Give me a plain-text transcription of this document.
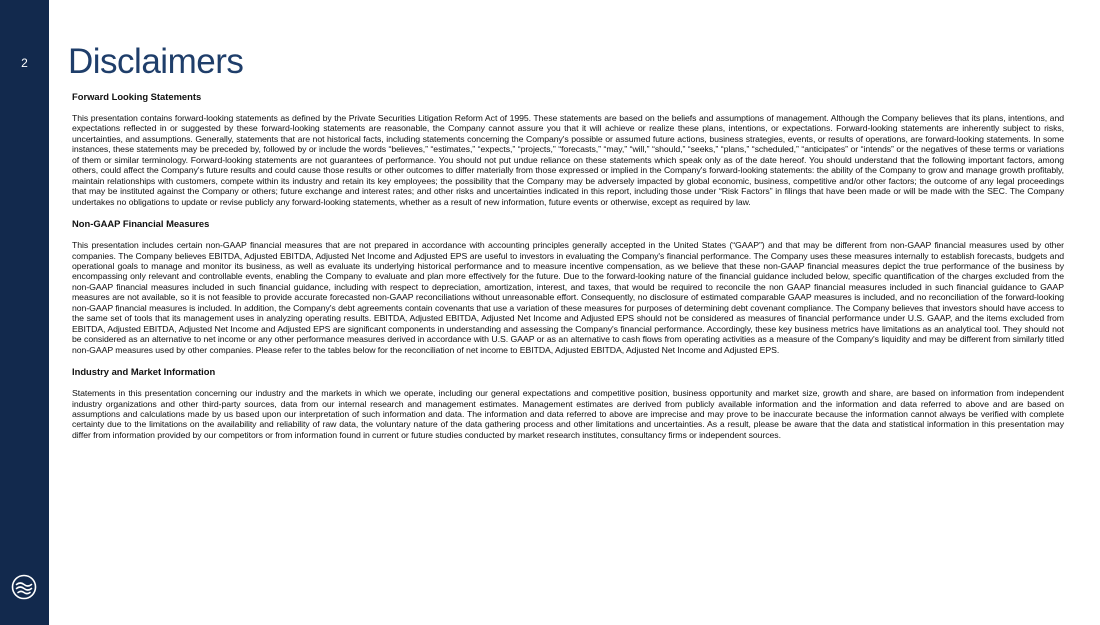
2	Disclaimers
Forward Looking Statements

This presentation contains forward-looking statements as defined by the Private Securities Litigation Reform Act of 1995. These statements are based on the beliefs and assumptions of management. Although the Company believes that its plans, intentions, and expectations reflected in or suggested by these forward-looking statements are reasonable, the Company cannot assure you that it will achieve or realize these plans, intentions, or expectations. Forward-looking statements are inherently subject to risks, uncertainties, and assumptions. Generally, statements that are not historical facts, including statements concerning the Company's possible or assumed future actions, business strategies, events, or results of operations, are forward-looking statements. In some instances, these statements may be preceded by, followed by or include the words “believes,” “estimates,” “expects,” “projects,” “forecasts,” “may,” “will,” “should,” “seeks,” “plans,” “scheduled,” “anticipates” or “intends” or the negatives of these terms or variations of them or similar terminology. Forward-looking statements are not guarantees of performance. You should not put undue reliance on these statements which speak only as of the date hereof. You should understand that the following important factors, among others, could affect the Company's future results and could cause those results or other outcomes to differ materially from those expressed or implied in the Company's forward-looking statements: the ability of the Company to grow and manage growth profitably, maintain relationships with customers, compete within its industry and retain its key employees; the possibility that the Company may be adversely impacted by global economic, business, competitive and/or other factors; the outcome of any legal proceedings that may be instituted against the Company or others; future exchange and interest rates; and other risks and uncertainties indicated in this report, including those under “Risk Factors” in filings that have been made or will be made with the SEC. The Company undertakes no obligations to update or revise publicly any forward-looking statements, whether as a result of new information, future events or otherwise, except as required by law.

Non-GAAP Financial Measures

This presentation includes certain non-GAAP financial measures that are not prepared in accordance with accounting principles generally accepted in the United States (“GAAP”) and that may be different from non-GAAP financial measures used by other companies. The Company believes EBITDA, Adjusted EBITDA, Adjusted Net Income and Adjusted EPS are useful to investors in evaluating the Company's financial performance. The Company uses these measures internally to establish forecasts, budgets and operational goals to manage and monitor its business, as well as evaluate its underlying historical performance and to measure incentive compensation, as we believe that these non-GAAP financial measures depict the true performance of the business by encompassing only relevant and controllable events, enabling the Company to evaluate and plan more effectively for the future. Due to the forward-looking nature of the financial guidance included below, specific quantification of the charges excluded from the non-GAAP financial measures included in such financial guidance, including with respect to depreciation, amortization, interest, and taxes, that would be required to reconcile the non GAAP financial measures included in such financial guidance to GAAP measures are not available, so it is not feasible to provide accurate forecasted non-GAAP reconciliations without unreasonable effort. Consequently, no disclosure of estimated comparable GAAP measures is included, and no reconciliation of the forward-looking non-GAAP financial measures is included. In addition, the Company's debt agreements contain covenants that use a variation of these measures for purposes of determining debt covenant compliance. The Company believes that investors should have access to the same set of tools that its management uses in analyzing operating results. EBITDA, Adjusted EBITDA, Adjusted Net Income and Adjusted EPS should not be considered as measures of financial performance under U.S. GAAP, and the items excluded from EBITDA, Adjusted EBITDA, Adjusted Net Income and Adjusted EPS are significant components in understanding and assessing the Company's financial performance. Accordingly, these key business metrics have limitations as an analytical tool. They should not be considered as an alternative to net income or any other performance measures derived in accordance with U.S. GAAP or as an alternative to cash flows from operating activities as a measure of the Company's liquidity and may be different from similarly titled non-GAAP measures used by other companies. Please refer to the tables below for the reconciliation of net income to EBITDA, Adjusted EBITDA, Adjusted Net Income and Adjusted EPS.

Industry and Market Information

Statements in this presentation concerning our industry and the markets in which we operate, including our general expectations and competitive position, business opportunity and market size, growth and share, are based on information from independent industry organizations and other third-party sources, data from our internal research and management estimates. Management estimates are derived from publicly available information and the information and data referred to above and are based on assumptions and calculations made by us based upon our interpretation of such information and data. The information and data referred to above are imprecise and may prove to be inaccurate because the information cannot always be verified with complete certainty due to the limitations on the availability and reliability of raw data, the voluntary nature of the data gathering process and other limitations and uncertainties. As a result, please be aware that the data and statistical information in this presentation may differ from information provided by our competitors or from information found in current or future studies conducted by market research institutes, consultancy firms or independent sources.
